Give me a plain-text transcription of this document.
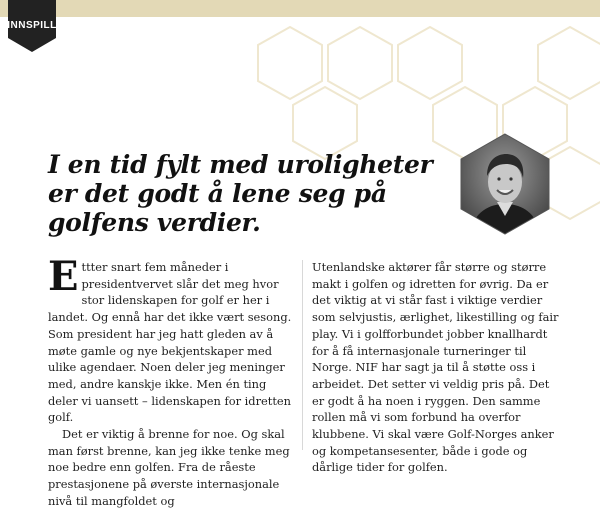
INNSPILL
I en tid fylt med uroligheter er det godt å lene seg på golfens verdier.

Ettter snart fem måneder i presidentvervet slår det meg hvor stor lidenskapen for golf er her i landet. Og ennå har det ikke vært sesong. Som president har jeg hatt gleden av å møte gamle og nye bekjentskaper med ulike agendaer. Noen deler jeg meninger med, andre kanskje ikke. Men én ting deler vi uansett – lidenskapen for idretten golf.

Det er viktig å brenne for noe. Og skal man først brenne, kan jeg ikke tenke meg noe bedre enn golfen. Fra de råeste prestasjonene på øverste internasjonale nivå til mangfoldet og

Utenlandske aktører får større og større makt i golfen og idretten for øvrig. Da er det viktig at vi står fast i viktige verdier som selvjustis, ærlighet, likestilling og fair play. Vi i golfforbundet jobber knallhardt for å få internasjonale turneringer til Norge. NIF har sagt ja til å støtte oss i arbeidet. Det setter vi veldig pris på. Det er godt å ha noen i ryggen. Den samme rollen må vi som forbund ha overfor klubbene. Vi skal være Golf-Norges anker og kompetansesenter, både i gode og dårlige tider for golfen.
